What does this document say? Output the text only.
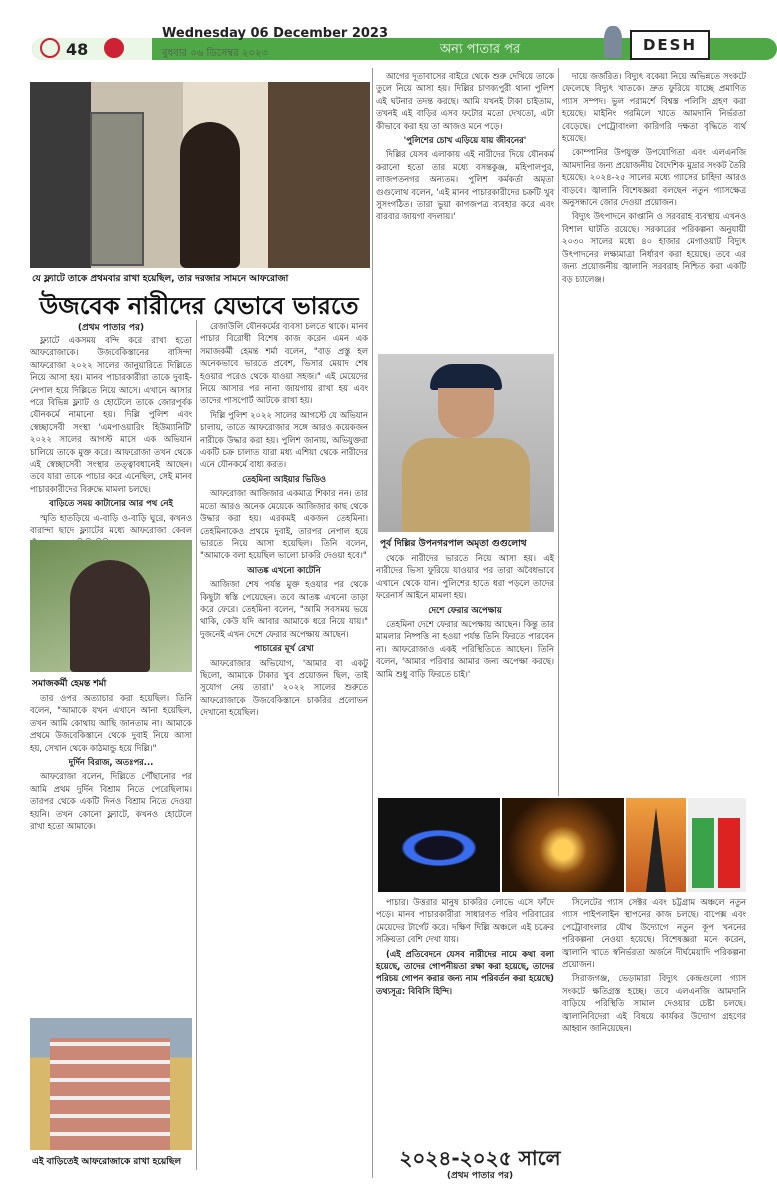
48
Wednesday 06 December 2023
বুধবার ০৬ ডিসেম্বর ২০২৩	অন্য পাতার পর	DESH
যে ফ্ল্যাটে তাকে প্রথমবার রাখা হয়েছিল, তার দরজার সামনে আফরোজা
উজবেক নারীদের যেভাবে ভারতে
(প্রথম পাতার পর)

ফ্ল্যাটে একসময় বন্দি করে রাখা হতো আফরোজাকে। উজবেকিস্তানের বাসিন্দা আফরোজা ২০২২ সালের জানুয়ারিতে দিল্লিতে নিয়ে আসা হয়। মানব পাচারকারীরা তাকে দুবাই-নেপাল হয়ে দিল্লিতে নিয়ে আসে। এখানে আসার পরে বিভিন্ন ফ্ল্যাট ও হোটেলে তাকে জোরপূর্বক যৌনকর্মে নামানো হয়। দিল্লি পুলিশ এবং স্বেচ্ছাসেবী সংস্থা 'এমপাওয়ারিং হিউম্যানিটি' ২০২২ সালের আগস্ট মাসে এক অভিযান চালিয়ে তাকে মুক্ত করে। আফরোজা তখন থেকে এই স্বেচ্ছাসেবী সংস্থার তত্ত্বাবধানেই আছেন। তবে যারা তাকে পাচার করে এনেছিল, সেই মানব পাচারকারীদের বিরুদ্ধে মামলা চলছে।

বাড়িতে সময় কাটানোর আর পথ নেই

স্মৃতি হাতড়িয়ে এ-বাড়ি ও-বাড়ি ঘুরে, কখনও বারান্দা ছাদে ফ্ল্যাটের মধ্যে আফরোজা কেবল

সমাজকর্মী হেমন্ত শর্মা

তার ওপর অত্যাচার করা হয়েছিল। তিনি বলেন, "আমাকে যখন এখানে আনা হয়েছিল, তখন আমি কোথায় আছি জানতাম না। আমাকে প্রথমে উজবেকিস্তানে থেকে দুবাই নিয়ে আসা হয়, সেখান থেকে কাঠমান্ডু হয়ে দিল্লি।"

দুর্দিন বিরাজ, অতঃপর...

আফরোজা বলেন, দিল্লিতে পৌঁছানোর পর আমি প্রথম দুর্দিন বিশ্রাম নিতে পেরেছিলাম। তারপর থেকে একটি দিনও বিশ্রাম নিতে দেওয়া হয়নি। তখন কোনো ফ্ল্যাটে, কখনও হোটেলে রাখা হতো আমাকে।

এই বাড়িতেই আফরোজাকে রাখা হয়েছিল

রেজাউলি যৌনকর্মের ব্যবসা চলতে থাকে। মানব পাচার বিরোধী বিশেষ কাজ করেন এমন এক সমাজকর্মী হেমন্ত শর্মা বলেন, "বাড় প্রস্তু হল অনেকভাবে ভারতে প্রবেশ, ভিসার মেয়াদ শেষ হওয়ার পরেও থেকে যাওয়া সহজ।" এই মেয়েদের নিয়ে আসার পর নানা জায়গায় রাখা হয় এবং তাদের পাসপোর্ট আটকে রাখা হয়।

দিল্লি পুলিশ ২০২২ সালের আগস্টে যে অভিযান চালায়, তাতে আফরোজার সঙ্গে আরও কয়েকজন নারীকে উদ্ধার করা হয়। পুলিশ জানায়, অভিযুক্তরা একটি চক্র চালাত যারা মধ্য এশিয়া থেকে নারীদের এনে যৌনকর্মে বাধ্য করত।

তেহমিনা আইয়ার ভিডিও

আফরোজা আজিজার একমাত্র শিকার নন। তার মতো আরও অনেক মেয়েকে আজিজার কাছ থেকে উদ্ধার করা হয়। এরকমই একজন তেহমিনা। তেহমিনাকেও প্রথমে দুবাই, তারপর নেপাল হয়ে ভারতে নিয়ে আসা হয়েছিল। তিনি বলেন, "আমাকে বলা হয়েছিল ভালো চাকরি দেওয়া হবে।"

আতঙ্ক এখনো কাটেনি

আজিজা শেষ পর্যন্ত মুক্ত হওয়ার পর থেকে কিছুটা স্বস্তি পেয়েছেন। তবে আতঙ্ক এখনো তাড়া করে ফেরে। তেহমিনা বলেন, "আমি সবসময় ভয়ে থাকি, কেউ যদি আবার আমাকে ধরে নিয়ে যায়।" দুজনেই এখন দেশে ফেরার অপেক্ষায় আছেন।

পাচারের মূর্খ রেখা

আফরোজার অভিযোগ, 'আমার বা একটু ছিলো, আমাকে টাকার খুব প্রয়োজন ছিল, তাই সুযোগ নেয় তারা।' ২০২২ সালের শুরুতে আফরোজাকে উজবেকিস্তানে চাকরির প্রলোভন দেখানো হয়েছিল।

আগের দূতাবাসের বাইরে থেকে শুরু দেখিয়ে তাকে তুলে নিয়ে আসা হয়। দিল্লির চাণক্যপুরী থানা পুলিশ এই ঘটনার তদন্ত করছে। আমি যখনই টাকা চাইতাম, তখনই এই বাড়ির এসব ফটোর মতো দেখতো, এটা কীভাবে করা হয় তা আজও মনে পড়ে।

'পুলিশের চোখ এড়িয়ে যায় জীবনের'

দিল্লির যেসব এলাকায় এই নারীদের দিয়ে যৌনকর্ম করানো হতো তার মধ্যে বসন্তকুঞ্জ, মহিপালপুর, লাজপতনগর অন্যতম। পুলিশ কর্মকর্তা অমৃতা গুগুলোথ বলেন, 'এই মানব পাচারকারীদের চক্রটি খুব সুসংগঠিত। তারা ভুয়া কাগজপত্র ব্যবহার করে এবং বারবার জায়গা বদলায়।'

পূর্ব দিল্লির উপনগরপাল অমৃতা গুগুলোথ

থেকে নারীদের ভারতে নিয়ে আসা হয়। এই নারীদের ভিসা ফুরিয়ে যাওয়ার পর তারা অবৈধভাবে এখানে থেকে যান। পুলিশের হাতে ধরা পড়লে তাদের ফরেনার্স আইনে মামলা হয়।

দেশে ফেরার অপেক্ষায়

তেহমিনা দেশে ফেরার অপেক্ষায় আছেন। কিন্তু তার মামলার নিষ্পত্তি না হওয়া পর্যন্ত তিনি ফিরতে পারবেন না। আফরোজাও একই পরিস্থিতিতে আছেন। তিনি বলেন, 'আমার পরিবার আমার জন্য অপেক্ষা করছে। আমি শুধু বাড়ি ফিরতে চাই।'

পাচার। উত্তরার মানুষ চাকরির লোভে এসে ফাঁদে পড়ে। মানব পাচারকারীরা সাধারণত গরিব পরিবারের মেয়েদের টার্গেট করে। দক্ষিণ দিল্লি অঞ্চলে এই চক্রের সক্রিয়তা বেশি দেখা যায়।

(এই প্রতিবেদনে যেসব নারীদের নামে কথা বলা হয়েছে, তাদের গোপনীয়তা রক্ষা করা হয়েছে, তাদের পরিচয় গোপন করার জন্য নাম পরিবর্তন করা হয়েছে) তথ্যসূত্র: বিবিসি হিন্দি।

২০২৪-২০২৫ সালে
(প্রথম পাতার পর)

দায়ে জর্জরিত। বিদ্যুৎ বকেয়া নিয়ে অভিন্নতে সংকটে ফেলেছে বিদ্যুৎ খাতকে। দ্রুত ফুরিয়ে যাচ্ছে প্রমাণিত গ্যাস সম্পদ। ভুল পরামর্শে বিশ্বস্ত পলিসি গ্রহণ করা হয়েছে। মাইনিং গরমিলে খাতে আমদানি নির্ভরতা বেড়েছে। পেট্রোবাংলা কারিগরি দক্ষতা বৃদ্ধিতে ব্যর্থ হয়েছে।

কোম্পানির উপযুক্ত উপযোগিতা এবং এলএনজি আমদানির জন্য প্রয়োজনীয় বৈদেশিক মুদ্রার সংকট তৈরি হয়েছে। ২০২৪-২৫ সালের মধ্যে গ্যাসের চাহিদা আরও বাড়বে। জ্বালানি বিশেষজ্ঞরা বলছেন নতুন গ্যাসক্ষেত্র অনুসন্ধানে জোর দেওয়া প্রয়োজন।

বিদ্যুৎ উৎপাদনে কাপ্তানি ও সরবরাহ ব্যবস্থায় এখনও বিশাল ঘাটতি রয়েছে। সরকারের পরিকল্পনা অনুযায়ী ২০৩০ সালের মধ্যে ৪০ হাজার মেগাওয়াট বিদ্যুৎ উৎপাদনের লক্ষ্যমাত্রা নির্ধারণ করা হয়েছে। তবে এর জন্য প্রয়োজনীয় জ্বালানি সরবরাহ নিশ্চিত করা একটি বড় চ্যালেঞ্জ।

সিলেটের গ্যাস সেক্টর এবং চট্টগ্রাম অঞ্চলে নতুন গ্যাস পাইপলাইন স্থাপনের কাজ চলছে। বাপেক্স এবং পেট্রোবাংলার যৌথ উদ্যোগে নতুন কূপ খননের পরিকল্পনা নেওয়া হয়েছে। বিশেষজ্ঞরা মনে করেন, জ্বালানি খাতে স্বনির্ভরতা অর্জনে দীর্ঘমেয়াদি পরিকল্পনা প্রয়োজন।

সিরাজগঞ্জ, ভেড়ামারা বিদ্যুৎ কেন্দ্রগুলো গ্যাস সংকটে ক্ষতিগ্রস্ত হচ্ছে। তবে এলএনজি আমদানি বাড়িয়ে পরিস্থিতি সামাল দেওয়ার চেষ্টা চলছে। জ্বালানিবিদেরা এই বিষয়ে কার্যকর উদ্যোগ গ্রহণের আহ্বান জানিয়েছেন।
